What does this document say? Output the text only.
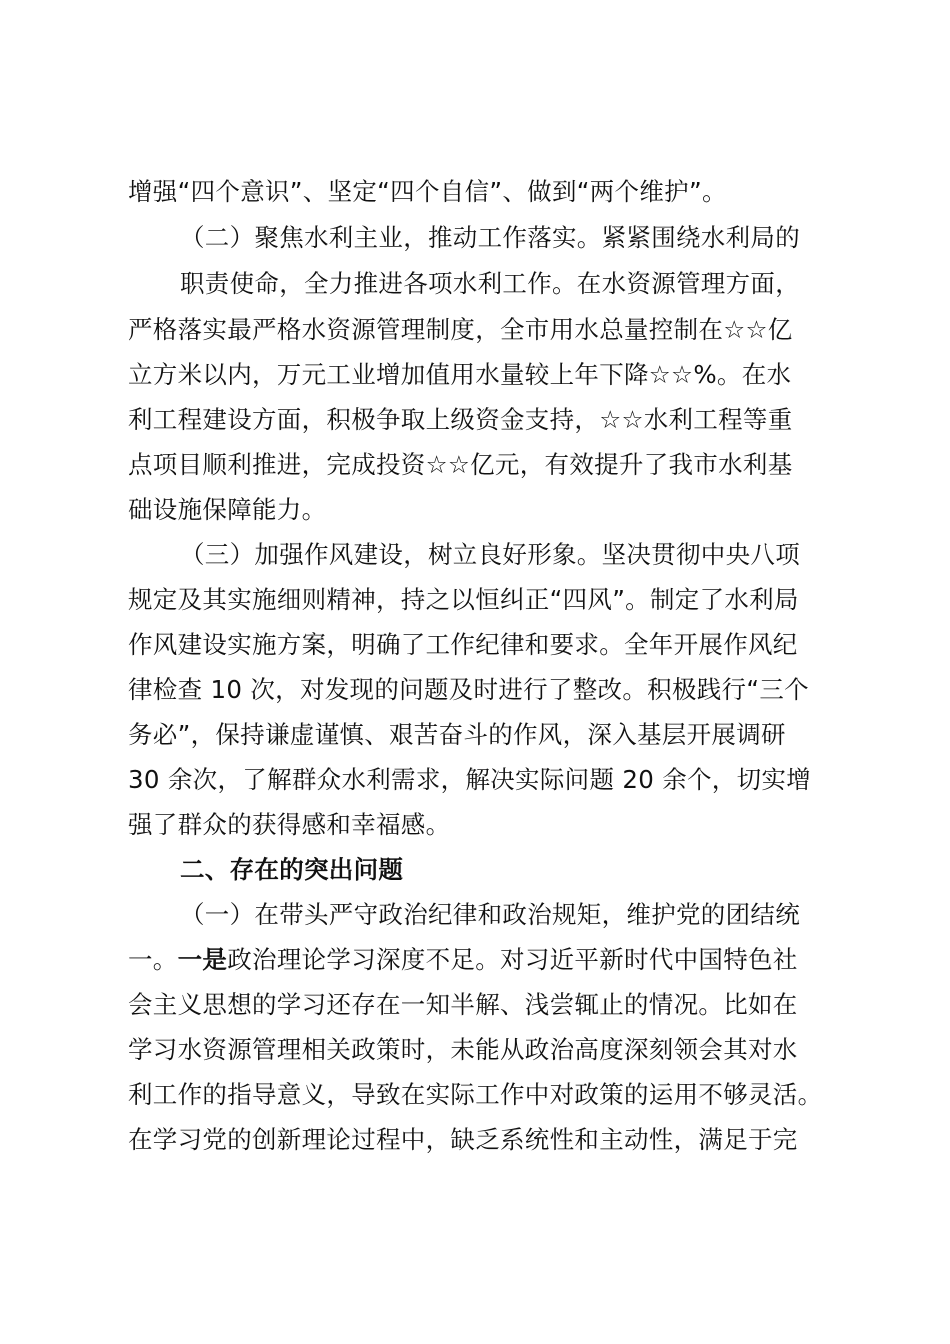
增强“四个意识”、坚定“四个自信”、做到“两个维护”。
（二）聚焦水利主业，推动工作落实。紧紧围绕水利局的
职责使命，全力推进各项水利工作。在水资源管理方面，
严格落实最严格水资源管理制度，全市用水总量控制在☆☆亿
立方米以内，万元工业增加值用水量较上年下降☆☆%。在水
利工程建设方面，积极争取上级资金支持，☆☆水利工程等重
点项目顺利推进，完成投资☆☆亿元，有效提升了我市水利基
础设施保障能力。
（三）加强作风建设，树立良好形象。坚决贯彻中央八项
规定及其实施细则精神，持之以恒纠正“四风”。制定了水利局
作风建设实施方案，明确了工作纪律和要求。全年开展作风纪
律检查 10 次，对发现的问题及时进行了整改。积极践行“三个
务必”，保持谦虚谨慎、艰苦奋斗的作风，深入基层开展调研
30 余次，了解群众水利需求，解决实际问题 20 余个，切实增
强了群众的获得感和幸福感。
二、存在的突出问题
（一）在带头严守政治纪律和政治规矩，维护党的团结统
一。一是政治理论学习深度不足。对习近平新时代中国特色社
会主义思想的学习还存在一知半解、浅尝辄止的情况。比如在
学习水资源管理相关政策时，未能从政治高度深刻领会其对水
利工作的指导意义，导致在实际工作中对政策的运用不够灵活。
在学习党的创新理论过程中，缺乏系统性和主动性，满足于完
